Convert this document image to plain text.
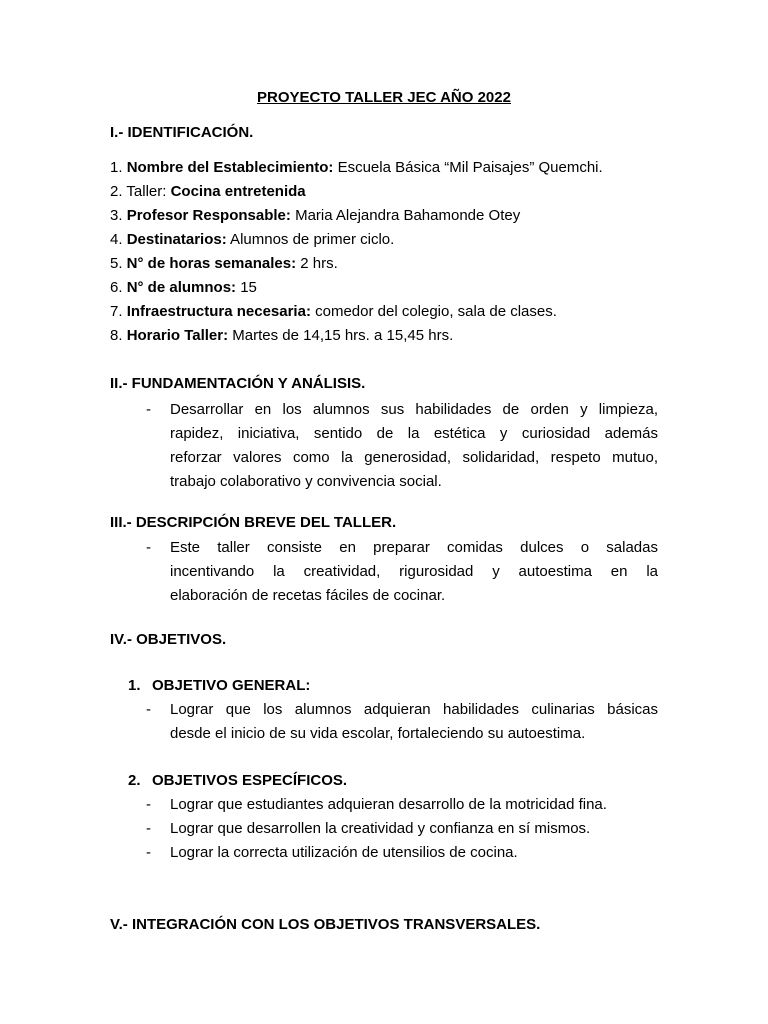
PROYECTO TALLER JEC AÑO 2022
I.- IDENTIFICACIÓN.
1. Nombre del Establecimiento: Escuela Básica “Mil Paisajes” Quemchi.
2. Taller: Cocina entretenida
3. Profesor Responsable: Maria Alejandra Bahamonde Otey
4. Destinatarios: Alumnos de primer ciclo.
5. N° de horas semanales: 2 hrs.
6. N° de alumnos: 15
7. Infraestructura necesaria: comedor del colegio, sala de clases.
8. Horario Taller: Martes de 14,15 hrs. a 15,45 hrs.
II.- FUNDAMENTACIÓN Y ANÁLISIS.
- Desarrollar en los alumnos sus habilidades de orden y limpieza,
rapidez, iniciativa, sentido de la estética y curiosidad además
reforzar valores como la generosidad, solidaridad, respeto mutuo,
trabajo colaborativo y convivencia social.
III.- DESCRIPCIÓN BREVE DEL TALLER.
- Este taller consiste en preparar comidas dulces o saladas
incentivando la creatividad, rigurosidad y autoestima en la
elaboración de recetas fáciles de cocinar.
IV.- OBJETIVOS.
1. OBJETIVO GENERAL:
- Lograr que los alumnos adquieran habilidades culinarias básicas
desde el inicio de su vida escolar, fortaleciendo su autoestima.
2. OBJETIVOS ESPECÍFICOS.
- Lograr que estudiantes adquieran desarrollo de la motricidad fina.
- Lograr que desarrollen la creatividad y confianza en sí mismos.
- Lograr la correcta utilización de utensilios de cocina.
V.- INTEGRACIÓN CON LOS OBJETIVOS TRANSVERSALES.
